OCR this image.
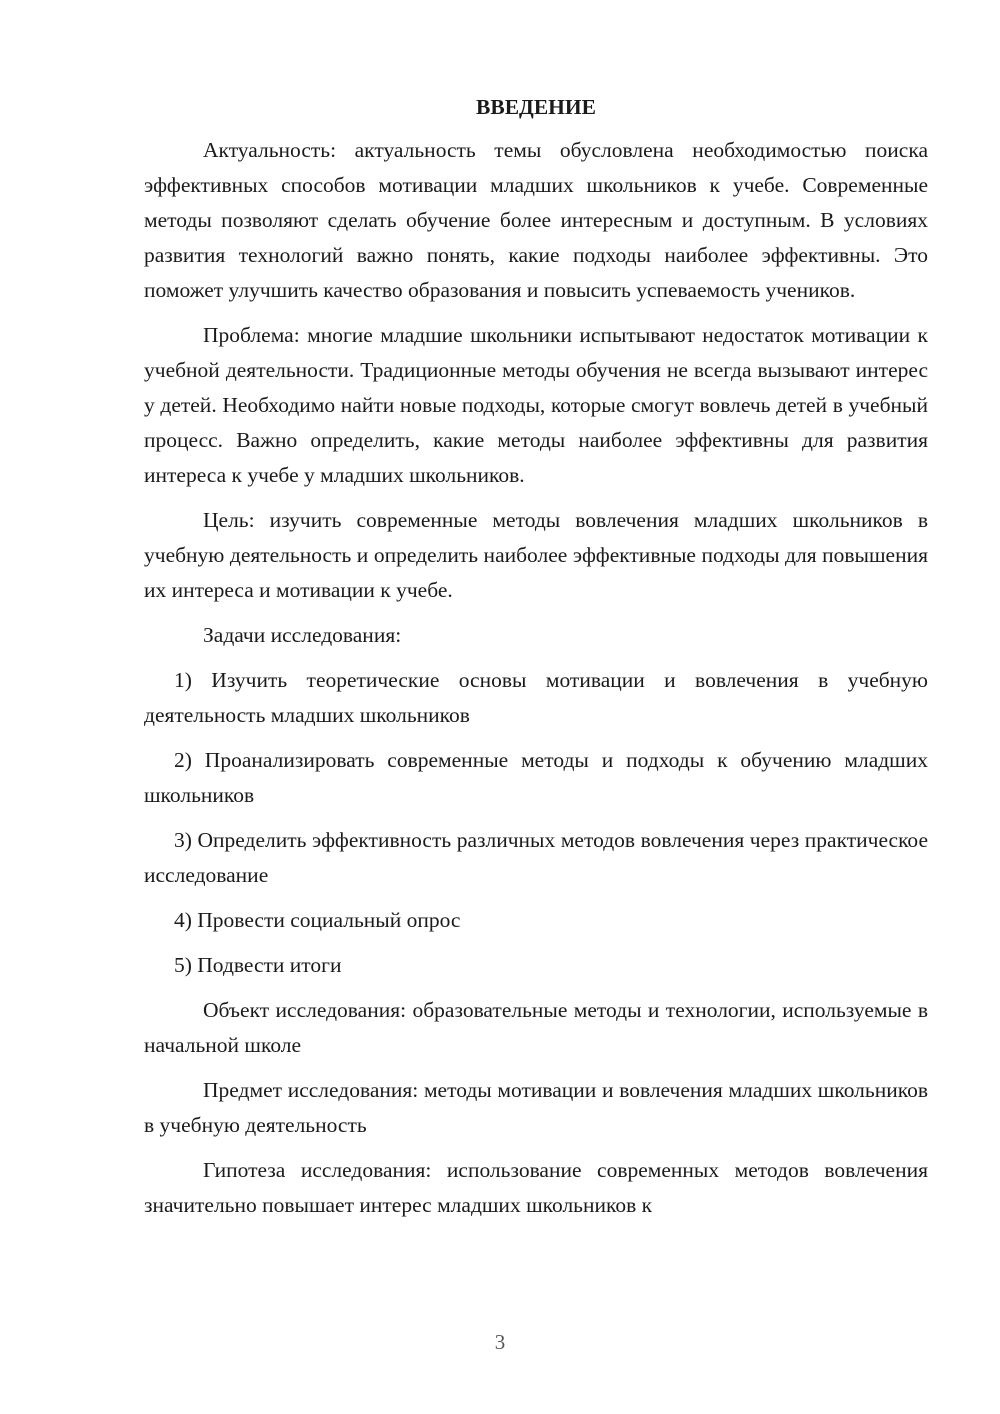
ВВЕДЕНИЕ

Актуальность: актуальность темы обусловлена необходимостью поиска эффективных способов мотивации младших школьников к учебе. Современные методы позволяют сделать обучение более интересным и доступным. В условиях развития технологий важно понять, какие подходы наиболее эффективны. Это поможет улучшить качество образования и повысить успеваемость учеников.

Проблема: многие младшие школьники испытывают недостаток мотивации к учебной деятельности. Традиционные методы обучения не всегда вызывают интерес у детей. Необходимо найти новые подходы, которые смогут вовлечь детей в учебный процесс. Важно определить, какие методы наиболее эффективны для развития интереса к учебе у младших школьников.

Цель: изучить современные методы вовлечения младших школьников в учебную деятельность и определить наиболее эффективные подходы для повышения их интереса и мотивации к учебе.

Задачи исследования:

1) Изучить теоретические основы мотивации и вовлечения в учебную деятельность младших школьников

2) Проанализировать современные методы и подходы к обучению младших школьников

3) Определить эффективность различных методов вовлечения через практическое исследование

4) Провести социальный опрос

5) Подвести итоги

Объект исследования: образовательные методы и технологии, используемые в начальной школе

Предмет исследования: методы мотивации и вовлечения младших школьников в учебную деятельность

Гипотеза исследования: использование современных методов вовлечения значительно повышает интерес младших школьников к

3
